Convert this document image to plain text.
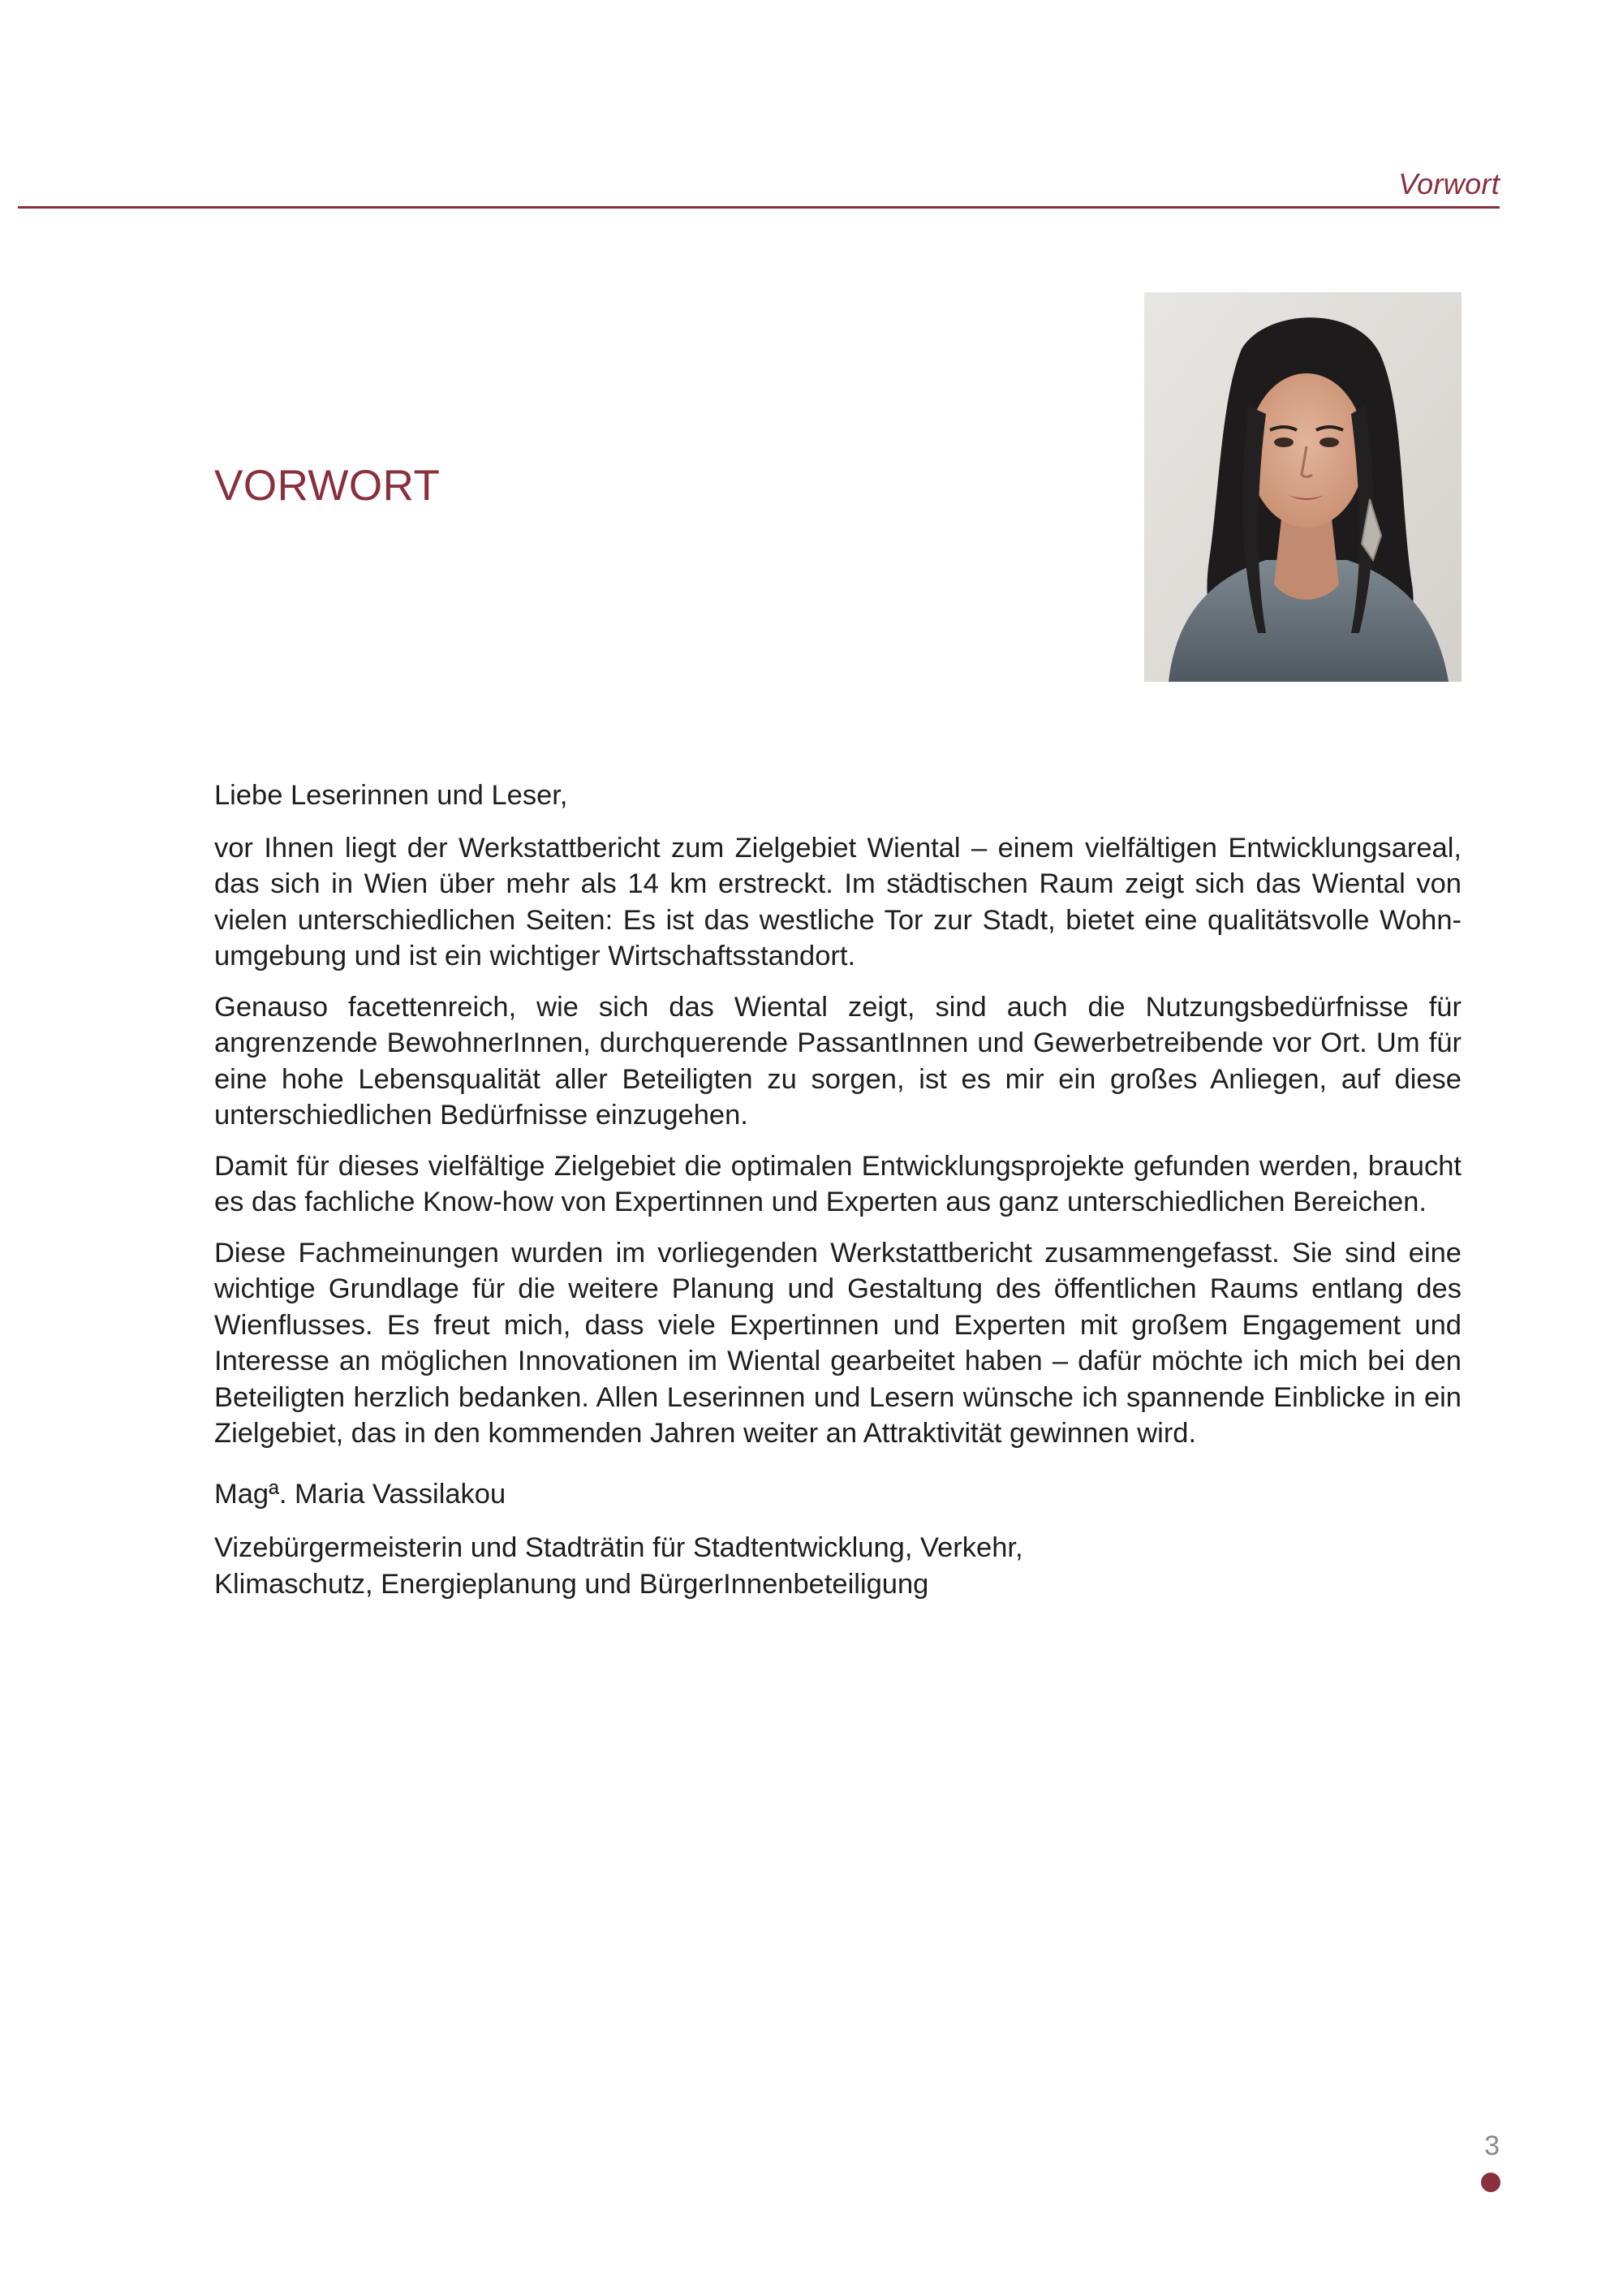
Vorwort
VORWORT

Liebe Leserinnen und Leser,

vor Ihnen liegt der Werkstattbericht zum Zielgebiet Wiental – einem vielfältigen Entwicklungsareal, das sich in Wien über mehr als 14 km erstreckt. Im städtischen Raum zeigt sich das Wiental von vielen unterschiedlichen Seiten: Es ist das westliche Tor zur Stadt, bietet eine qualitätsvolle Wohn-umgebung und ist ein wichtiger Wirtschaftsstandort.

Genauso facettenreich, wie sich das Wiental zeigt, sind auch die Nutzungsbedürfnisse für angrenzende BewohnerInnen, durchquerende PassantInnen und Gewerbetreibende vor Ort. Um für eine hohe Lebensqualität aller Beteiligten zu sorgen, ist es mir ein großes Anliegen, auf diese unterschiedlichen Bedürfnisse einzugehen.

Damit für dieses vielfältige Zielgebiet die optimalen Entwicklungsprojekte gefunden werden, braucht es das fachliche Know-how von Expertinnen und Experten aus ganz unterschiedlichen Bereichen.

Diese Fachmeinungen wurden im vorliegenden Werkstattbericht zusammengefasst. Sie sind eine wichtige Grundlage für die weitere Planung und Gestaltung des öffentlichen Raums entlang des Wienflusses. Es freut mich, dass viele Expertinnen und Experten mit großem Engagement und Interesse an möglichen Innovationen im Wiental gearbeitet haben – dafür möchte ich mich bei den Beteiligten herzlich bedanken. Allen Leserinnen und Lesern wünsche ich spannende Einblicke in ein Zielgebiet, das in den kommenden Jahren weiter an Attraktivität gewinnen wird.

Magª. Maria Vassilakou

Vizebürgermeisterin und Stadträtin für Stadtentwicklung, Verkehr,
Klimaschutz, Energieplanung und BürgerInnenbeteiligung

3
